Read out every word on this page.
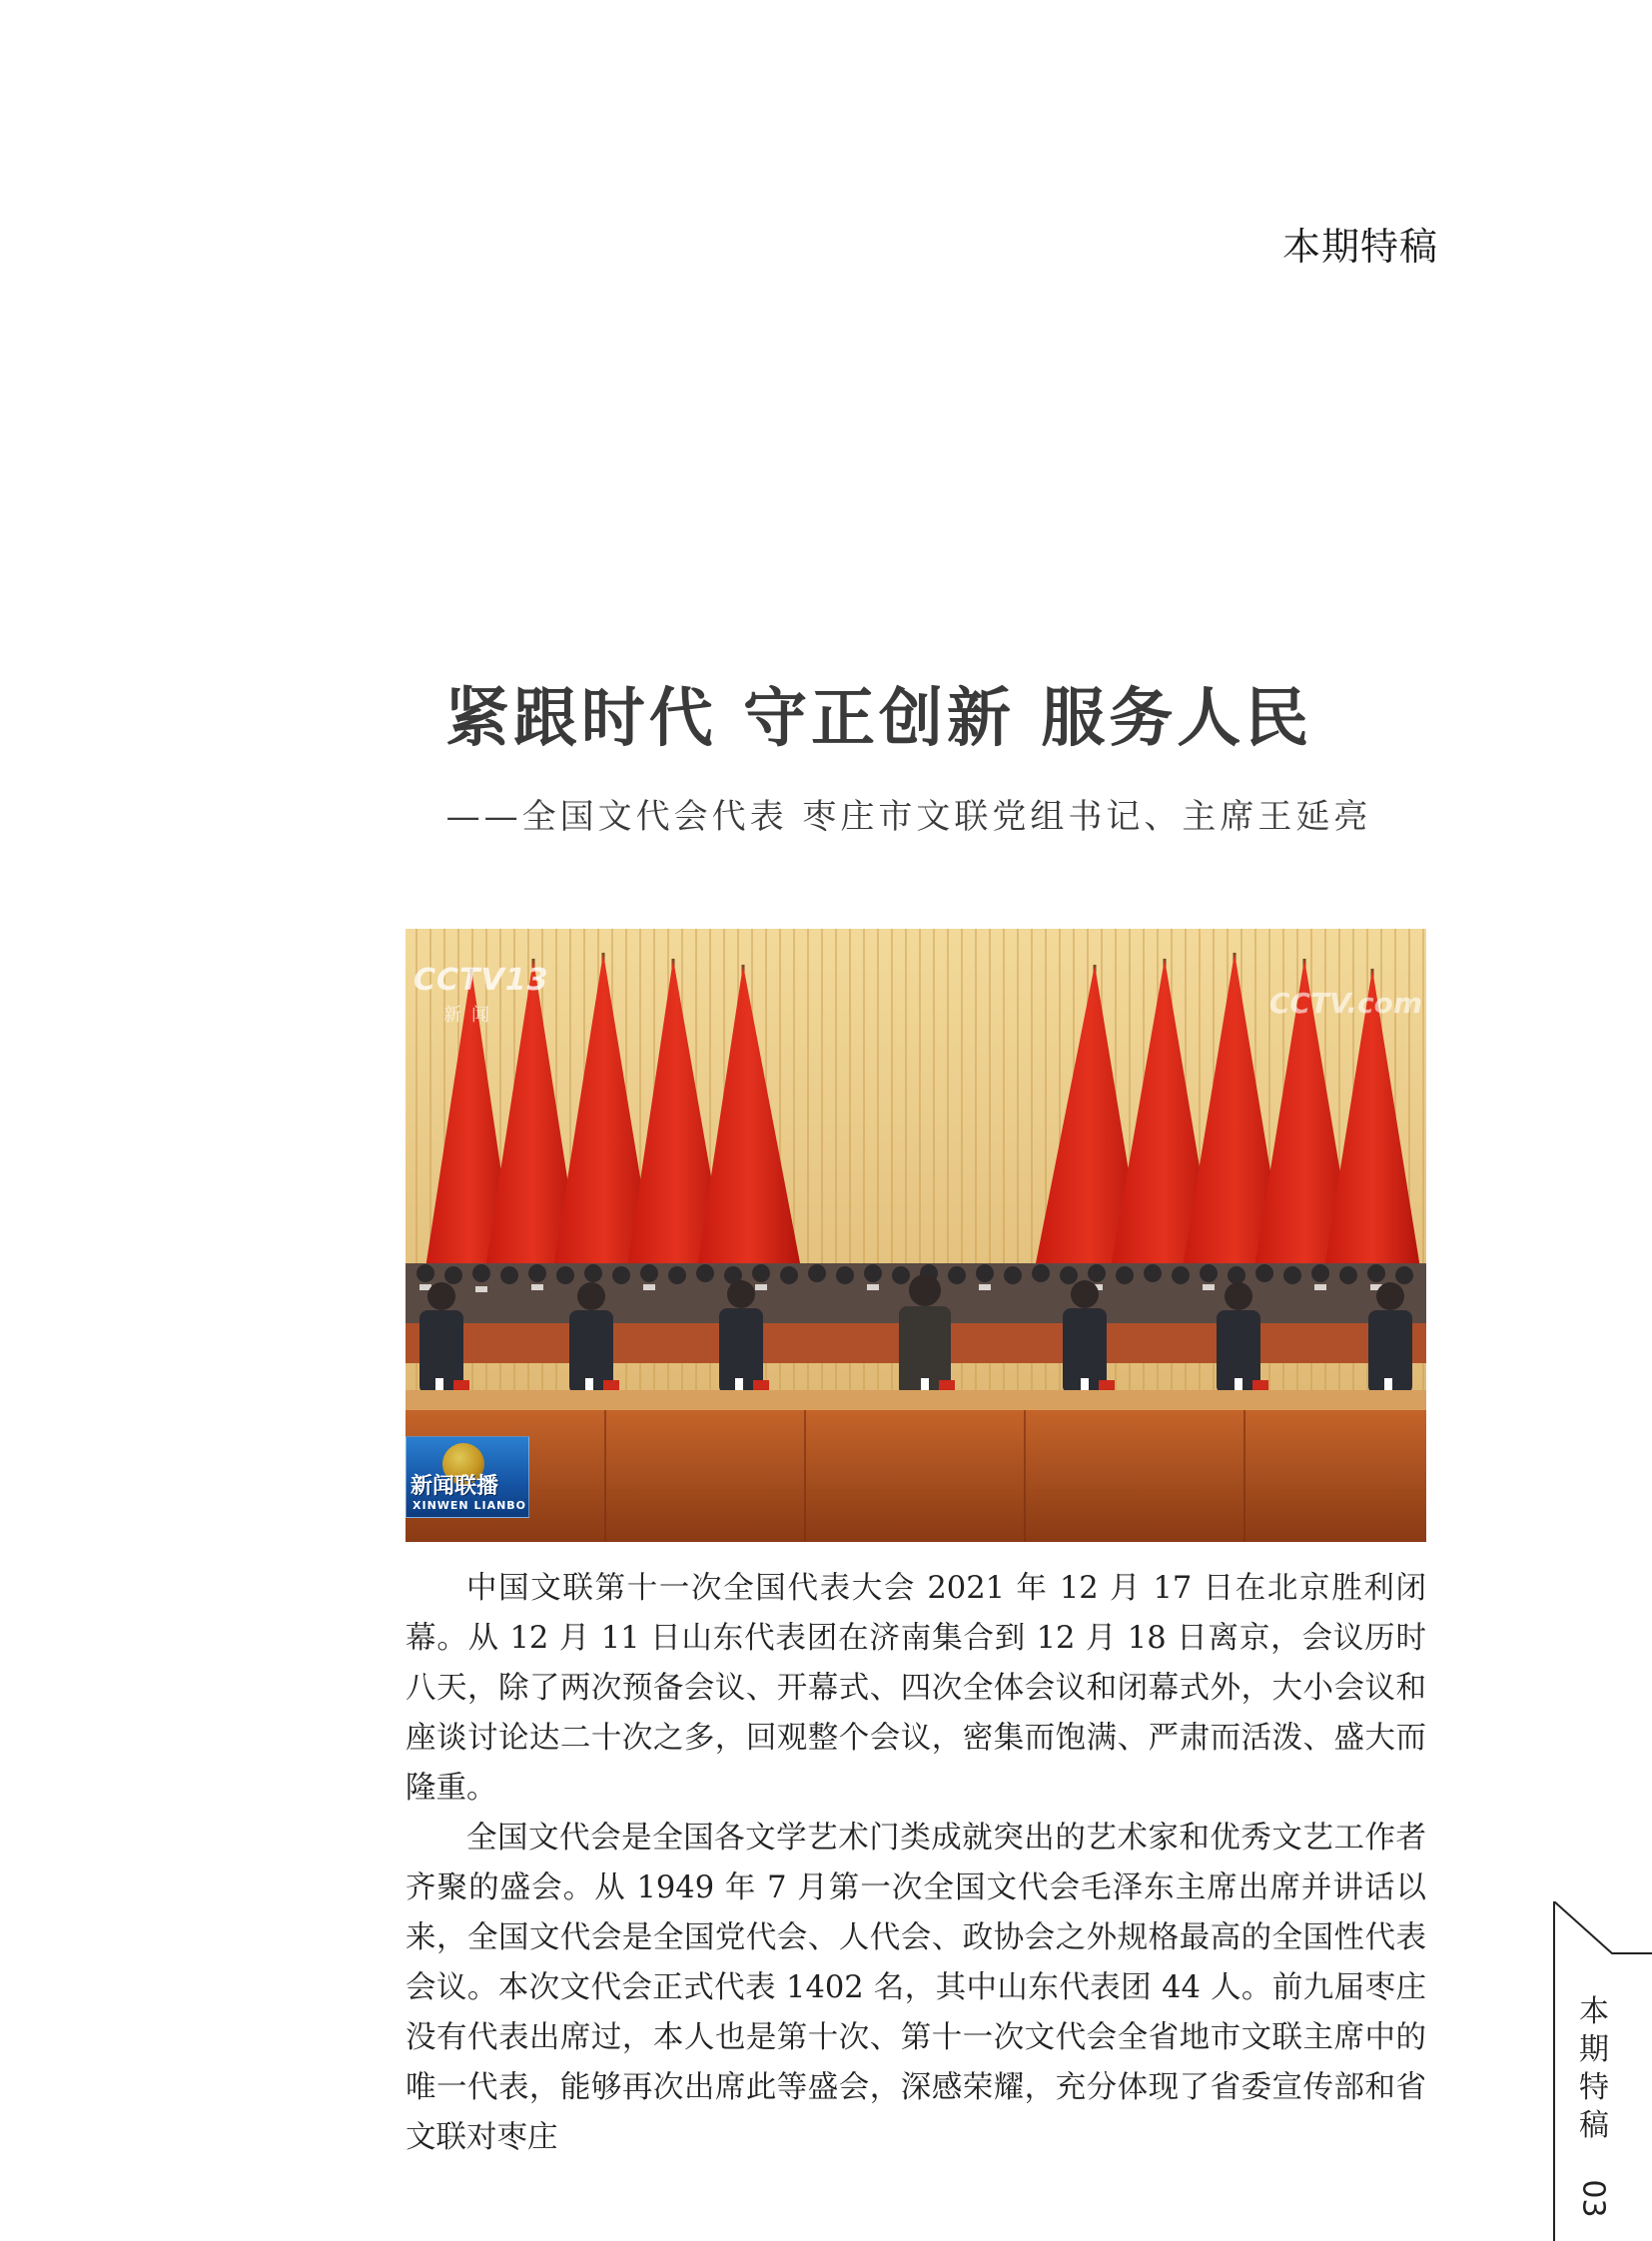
本期特稿
紧跟时代 守正创新 服务人民
——全国文代会代表 枣庄市文联党组书记、主席王延亮
CCTV13
新闻	CCTV.com
新闻联播
XINWEN LIANBO

中国文联第十一次全国代表大会 2021 年 12 月 17 日在北京胜利闭幕。从 12 月 11 日山东代表团在济南集合到 12 月 18 日离京，会议历时八天，除了两次预备会议、开幕式、四次全体会议和闭幕式外，大小会议和座谈讨论达二十次之多，回观整个会议，密集而饱满、严肃而活泼、盛大而隆重。

全国文代会是全国各文学艺术门类成就突出的艺术家和优秀文艺工作者齐聚的盛会。从 1949 年 7 月第一次全国文代会毛泽东主席出席并讲话以来，全国文代会是全国党代会、人代会、政协会之外规格最高的全国性代表会议。本次文代会正式代表 1402 名，其中山东代表团 44 人。前九届枣庄没有代表出席过，本人也是第十次、第十一次文代会全省地市文联主席中的唯一代表，能够再次出席此等盛会，深感荣耀，充分体现了省委宣传部和省文联对枣庄

本期特稿
03
